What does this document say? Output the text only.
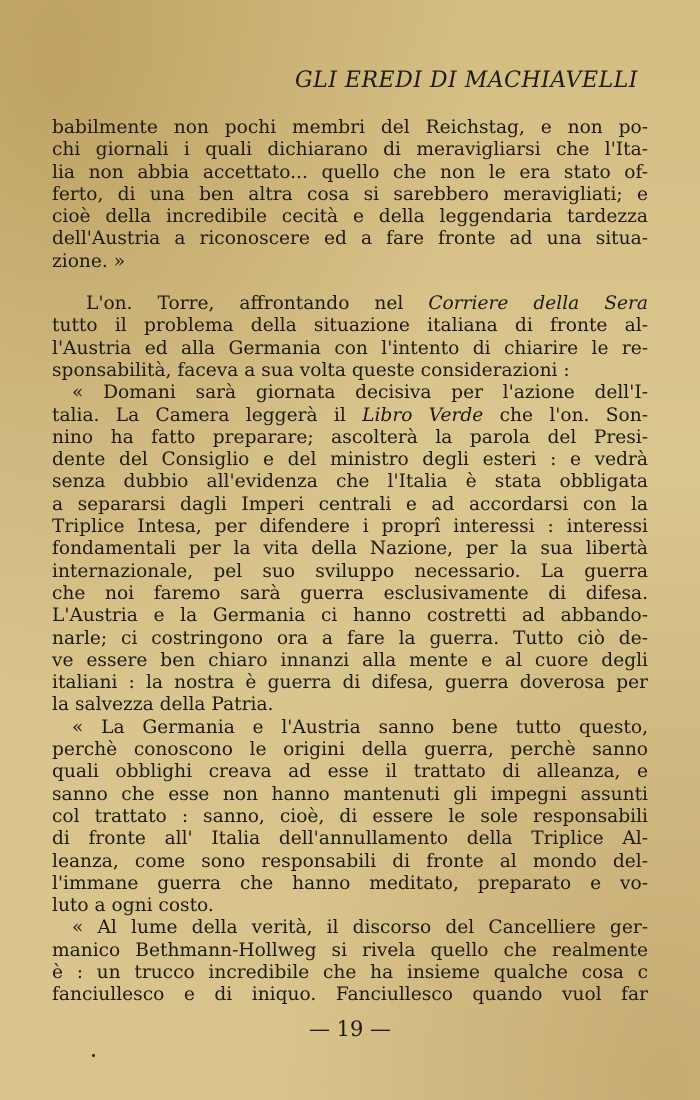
GLI EREDI DI MACHIAVELLI
babilmente non pochi membri del Reichstag, e non po-
chi giornali i quali dichiarano di meravigliarsi che l'Ita-
lia non abbia accettato... quello che non le era stato of-
ferto, di una ben altra cosa si sarebbero meravigliati; e
cioè della incredibile cecità e della leggendaria tardezza
dell'Austria a riconoscere ed a fare fronte ad una situa-
zione. »
L'on. Torre, affrontando nel Corriere della Sera
tutto il problema della situazione italiana di fronte al-
l'Austria ed alla Germania con l'intento di chiarire le re-
sponsabilità, faceva a sua volta queste considerazioni :
« Domani sarà giornata decisiva per l'azione dell'I-
talia. La Camera leggerà il Libro Verde che l'on. Son-
nino ha fatto preparare; ascolterà la parola del Presi-
dente del Consiglio e del ministro degli esteri : e vedrà
senza dubbio all'evidenza che l'Italia è stata obbligata
a separarsi dagli Imperi centrali e ad accordarsi con la
Triplice Intesa, per difendere i proprî interessi : interessi
fondamentali per la vita della Nazione, per la sua libertà
internazionale, pel suo sviluppo necessario. La guerra
che noi faremo sarà guerra esclusivamente di difesa.
L'Austria e la Germania ci hanno costretti ad abbando-
narle; ci costringono ora a fare la guerra. Tutto ciò de-
ve essere ben chiaro innanzi alla mente e al cuore degli
italiani : la nostra è guerra di difesa, guerra doverosa per
la salvezza della Patria.
« La Germania e l'Austria sanno bene tutto questo,
perchè conoscono le origini della guerra, perchè sanno
quali obblighi creava ad esse il trattato di alleanza, e
sanno che esse non hanno mantenuti gli impegni assunti
col trattato : sanno, cioè, di essere le sole responsabili
di fronte all' Italia dell'annullamento della Triplice Al-
leanza, come sono responsabili di fronte al mondo del-
l'immane guerra che hanno meditato, preparato e vo-
luto a ogni costo.
« Al lume della verità, il discorso del Cancelliere ger-
manico Bethmann-Hollweg si rivela quello che realmente
è : un trucco incredibile che ha insieme qualche cosa c
fanciullesco e di iniquo. Fanciullesco quando vuol far
— 19 —
